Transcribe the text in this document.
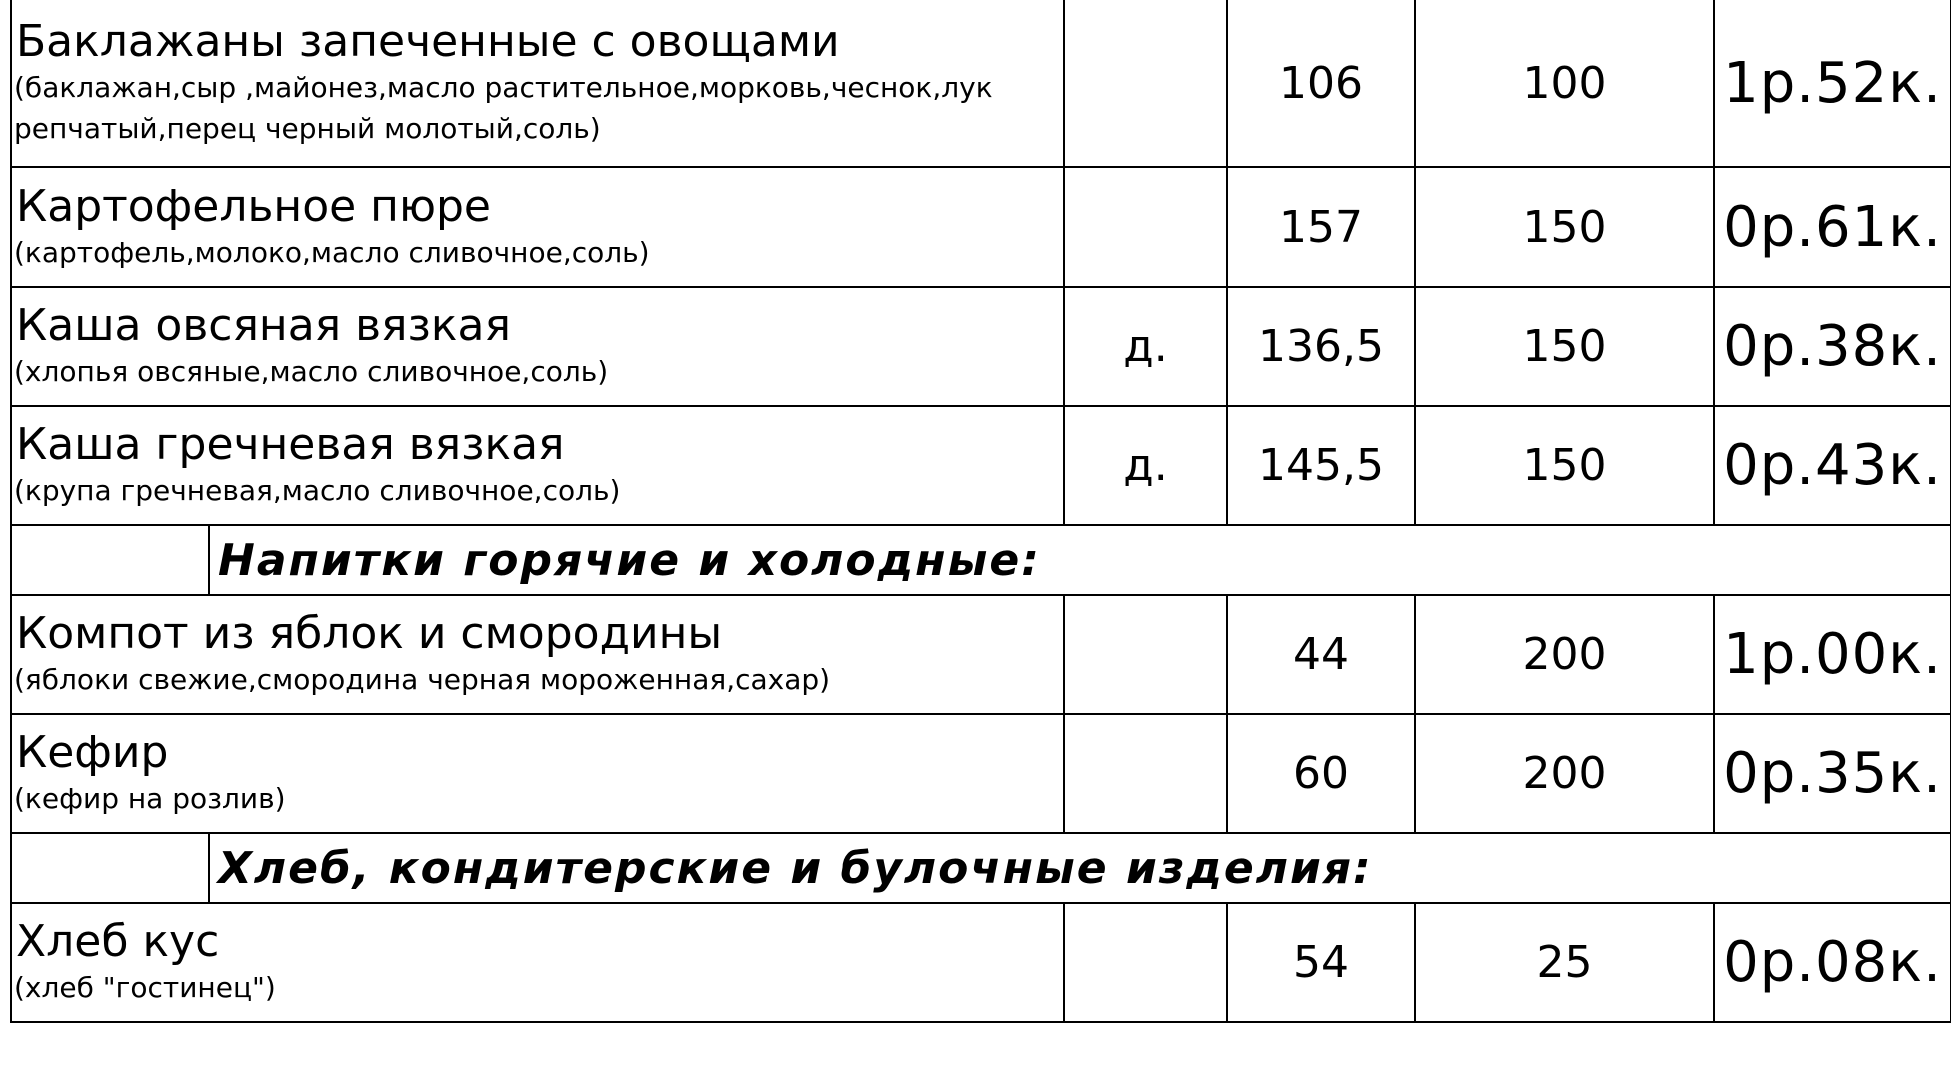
Баклажаны запеченные с овощами
(баклажан,сыр ,майонез,масло растительное,морковь,чеснок,лук репчатый,перец черный молотый,соль)		106	100	1р.52к.

Картофельное пюре
(картофель,молоко,масло сливочное,соль)		157	150	0р.61к.

Каша овсяная вязкая
(хлопья овсяные,масло сливочное,соль)	д.	136,5	150	0р.38к.

Каша гречневая вязкая
(крупа гречневая,масло сливочное,соль)	д.	145,5	150	0р.43к.

Напитки горячие и холодные:				

Компот из яблок и смородины
(яблоки свежие,смородина черная мороженная,сахар)		44	200	1р.00к.

Кефир
(кефир на розлив)		60	200	0р.35к.

Хлеб, кондитерские и булочные изделия:				

Хлеб кус
(хлеб "гостинец")		54	25	0р.08к.
